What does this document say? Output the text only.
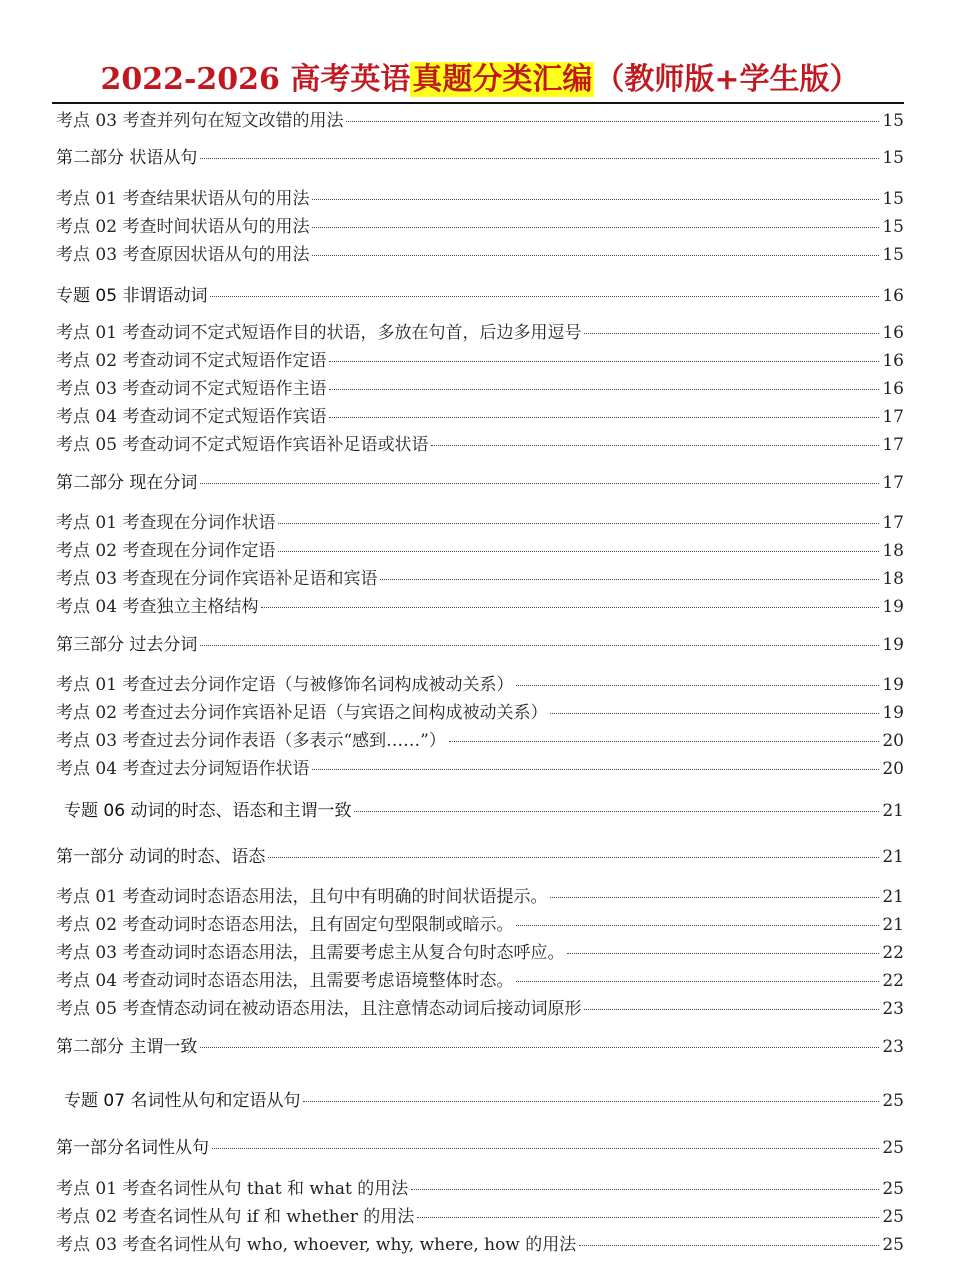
2022-2026 高考英语真题分类汇编（教师版+学生版）
考点 03 考查并列句在短文改错的用法	15
第二部分 状语从句	15
考点 01 考查结果状语从句的用法	15
考点 02 考查时间状语从句的用法	15
考点 03 考查原因状语从句的用法	15
专题 05 非谓语动词	16
考点 01 考查动词不定式短语作目的状语，多放在句首，后边多用逗号	16
考点 02 考查动词不定式短语作定语	16
考点 03 考查动词不定式短语作主语	16
考点 04 考查动词不定式短语作宾语	17
考点 05 考查动词不定式短语作宾语补足语或状语	17
第二部分 现在分词	17
考点 01 考查现在分词作状语	17
考点 02 考查现在分词作定语	18
考点 03 考查现在分词作宾语补足语和宾语	18
考点 04 考查独立主格结构	19
第三部分 过去分词	19
考点 01 考查过去分词作定语（与被修饰名词构成被动关系）	19
考点 02 考查过去分词作宾语补足语（与宾语之间构成被动关系）	19
考点 03 考查过去分词作表语（多表示“感到……”）	20
考点 04 考查过去分词短语作状语	20
专题 06 动词的时态、语态和主谓一致	21
第一部分 动词的时态、语态	21
考点 01 考查动词时态语态用法，且句中有明确的时间状语提示。	21
考点 02 考查动词时态语态用法，且有固定句型限制或暗示。	21
考点 03 考查动词时态语态用法，且需要考虑主从复合句时态呼应。	22
考点 04 考查动词时态语态用法，且需要考虑语境整体时态。	22
考点 05 考查情态动词在被动语态用法，且注意情态动词后接动词原形	23
第二部分 主谓一致	23
专题 07 名词性从句和定语从句	25
第一部分名词性从句	25
考点 01 考查名词性从句 that 和 what 的用法	25
考点 02 考查名词性从句 if 和 whether 的用法	25
考点 03 考查名词性从句 who, whoever, why, where, how 的用法	25
